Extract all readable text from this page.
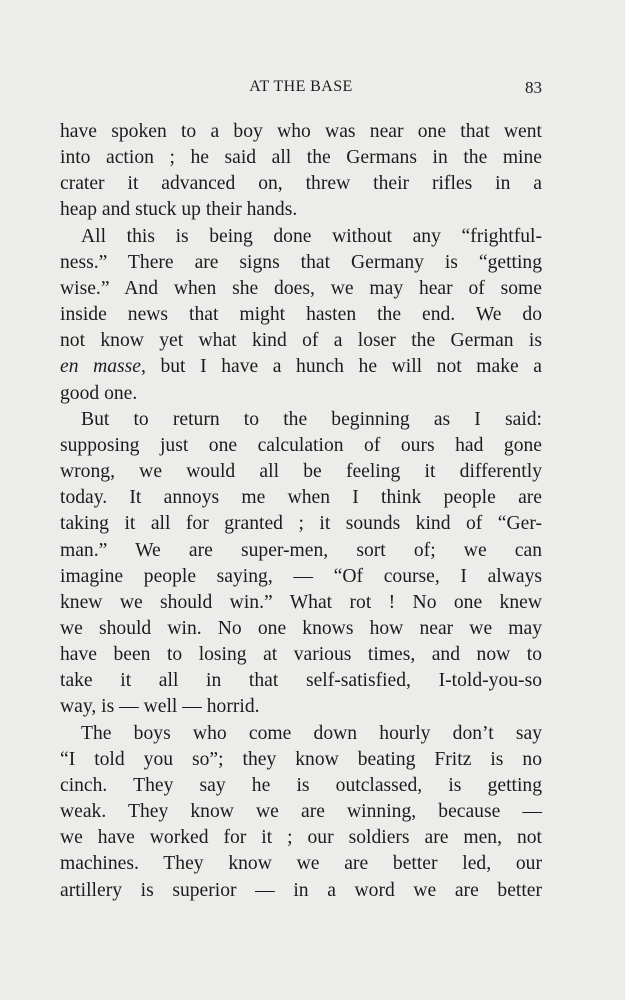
AT THE BASE	83
have spoken to a boy who was near one that went
into action ; he said all the Germans in the mine
crater it advanced on, threw their rifles in a
heap and stuck up their hands.
All this is being done without any “frightful-
ness.” There are signs that Germany is “getting
wise.” And when she does, we may hear of some
inside news that might hasten the end. We do
not know yet what kind of a loser the German is
en masse, but I have a hunch he will not make a
good one.
But to return to the beginning as I said:
supposing just one calculation of ours had gone
wrong, we would all be feeling it differently
today. It annoys me when I think people are
taking it all for granted ; it sounds kind of “Ger-
man.” We are super-men, sort of; we can
imagine people saying, — “Of course, I always
knew we should win.” What rot ! No one knew
we should win. No one knows how near we may
have been to losing at various times, and now to
take it all in that self-satisfied, I-told-you-so
way, is — well — horrid.
The boys who come down hourly don’t say
“I told you so”; they know beating Fritz is no
cinch. They say he is outclassed, is getting
weak. They know we are winning, because —
we have worked for it ; our soldiers are men, not
machines. They know we are better led, our
artillery is superior — in a word we are better
